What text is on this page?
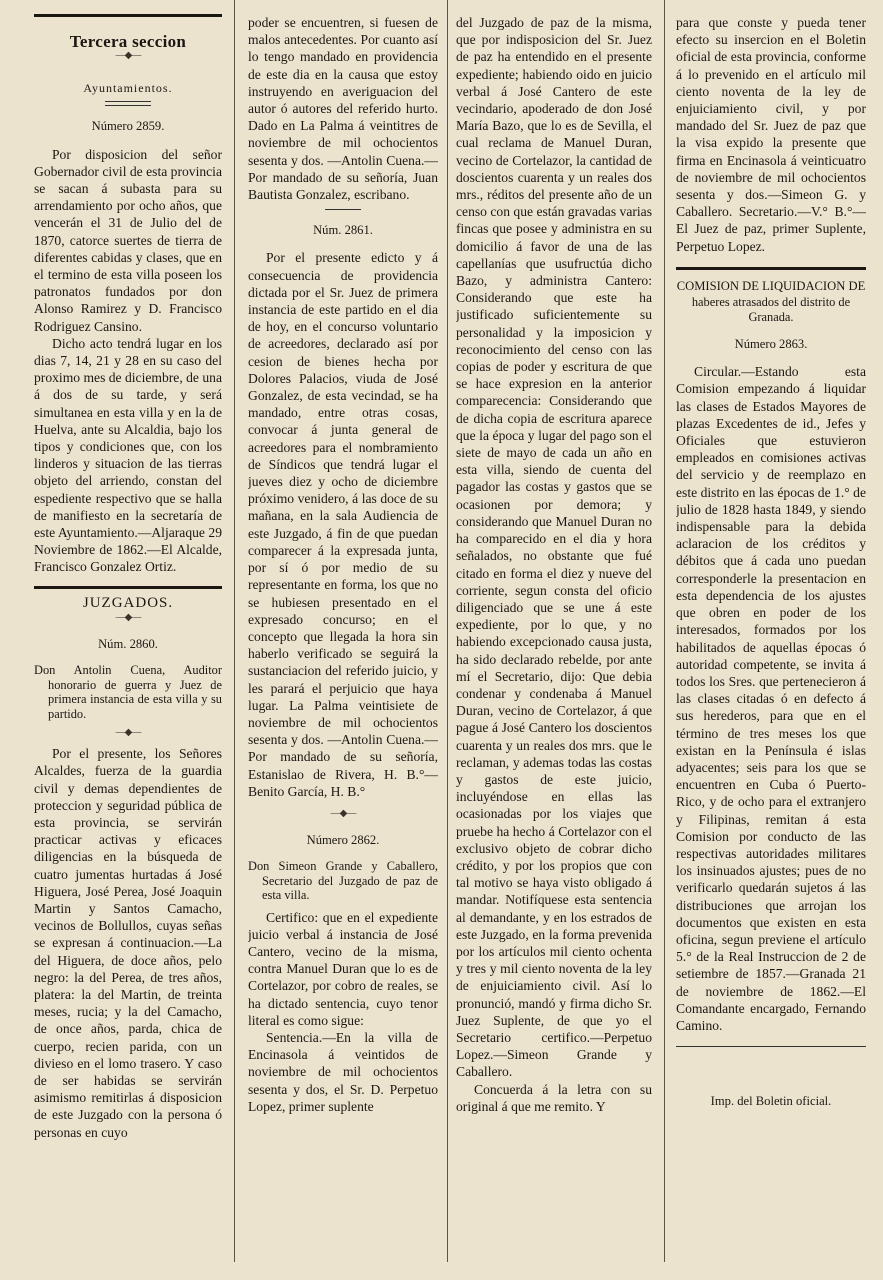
Tercera seccion
—◆—
Ayuntamientos.
Número 2859.

Por disposicion del señor Gobernador civil de esta provincia se sacan á subasta para su arrendamiento por ocho años, que vencerán el 31 de Julio del de 1870, catorce suertes de tierra de diferentes cabidas y clases, que en el termino de esta villa poseen los patronatos fundados por don Alonso Ramirez y D. Francisco Rodriguez Cansino.

Dicho acto tendrá lugar en los dias 7, 14, 21 y 28 en su caso del proximo mes de diciembre, de una á dos de su tarde, y será simultanea en esta villa y en la de Huelva, ante su Alcaldia, bajo los tipos y condiciones que, con los linderos y situacion de las tierras objeto del arriendo, constan del espediente respectivo que se halla de manifiesto en la secretaría de este Ayuntamiento.—Aljaraque 29 Noviembre de 1862.—El Alcalde, Francisco Gonzalez Ortiz.

JUZGADOS.
—◆—
Núm. 2860.

Don Antolin Cuena, Auditor honorario de guerra y Juez de primera instancia de esta villa y su partido.

—◆—

Por el presente, los Señores Alcaldes, fuerza de la guardia civil y demas dependientes de proteccion y seguridad pública de esta provincia, se servirán practicar activas y eficaces diligencias en la búsqueda de cuatro jumentas hurtadas á José Higuera, José Perea, José Joaquin Martin y Santos Camacho, vecinos de Bollullos, cuyas señas se expresan á continuacion.—La del Higuera, de doce años, pelo negro: la del Perea, de tres años, platera: la del Martin, de treinta meses, rucia; y la del Camacho, de once años, parda, chica de cuerpo, recien parida, con un divieso en el lomo trasero. Y caso de ser habidas se servirán asimismo remitirlas á disposicion de este Juzgado con la persona ó personas en cuyo

poder se encuentren, si fuesen de malos antecedentes. Por cuanto así lo tengo mandado en providencia de este dia en la causa que estoy instruyendo en averiguacion del autor ó autores del referido hurto. Dado en La Palma á veintitres de noviembre de mil ochocientos sesenta y dos. —Antolin Cuena.—Por mandado de su señoría, Juan Bautista Gonzalez, escribano.

Núm. 2861.

Por el presente edicto y á consecuencia de providencia dictada por el Sr. Juez de primera instancia de este partido en el dia de hoy, en el concurso voluntario de acreedores, declarado así por cesion de bienes hecha por Dolores Palacios, viuda de José Gonzalez, de esta vecindad, se ha mandado, entre otras cosas, convocar á junta general de acreedores para el nombramiento de Síndicos que tendrá lugar el jueves diez y ocho de diciembre próximo venidero, á las doce de su mañana, en la sala Audiencia de este Juzgado, á fin de que puedan comparecer á la expresada junta, por sí ó por medio de su representante en forma, los que no se hubiesen presentado en el expresado concurso; en el concepto que llegada la hora sin haberlo verificado se seguirá la sustanciacion del referido juicio, y les parará el perjuicio que haya lugar. La Palma veintisiete de noviembre de mil ochocientos sesenta y dos. —Antolin Cuena.—Por mandado de su señoría, Estanislao de Rivera, H. B.°—Benito García, H. B.°

—◆—
Número 2862.

Don Simeon Grande y Caballero, Secretario del Juzgado de paz de esta villa.

Certifico: que en el expediente juicio verbal á instancia de José Cantero, vecino de la misma, contra Manuel Duran que lo es de Cortelazor, por cobro de reales, se ha dictado sentencia, cuyo tenor literal es como sigue:

Sentencia.—En la villa de Encinasola á veintidos de noviembre de mil ochocientos sesenta y dos, el Sr. D. Perpetuo Lopez, primer suplente

del Juzgado de paz de la misma, que por indisposicion del Sr. Juez de paz ha entendido en el presente expediente; habiendo oido en juicio verbal á José Cantero de este vecindario, apoderado de don José María Bazo, que lo es de Sevilla, el cual reclama de Manuel Duran, vecino de Cortelazor, la cantidad de doscientos cuarenta y un reales dos mrs., réditos del presente año de un censo con que están gravadas varias fincas que posee y administra en su domicilio á favor de una de las capellanías que usufructúa dicho Bazo, y administra Cantero: Considerando que este ha justificado suficientemente su personalidad y la imposicion y reconocimiento del censo con las copias de poder y escritura de que se hace expresion en la anterior comparecencia: Considerando que de dicha copia de escritura aparece que la época y lugar del pago son el siete de mayo de cada un año en esta villa, siendo de cuenta del pagador las costas y gastos que se ocasionen por demora; y considerando que Manuel Duran no ha comparecido en el dia y hora señalados, no obstante que fué citado en forma el diez y nueve del corriente, segun consta del oficio diligenciado que se une á este expediente, por lo que, y no habiendo excepcionado causa justa, ha sido declarado rebelde, por ante mí el Secretario, dijo: Que debia condenar y condenaba á Manuel Duran, vecino de Cortelazor, á que pague á José Cantero los doscientos cuarenta y un reales dos mrs. que le reclaman, y ademas todas las costas y gastos de este juicio, incluyéndose en ellas las ocasionadas por los viajes que pruebe ha hecho á Cortelazor con el exclusivo objeto de cobrar dicho crédito, y por los propios que con tal motivo se haya visto obligado á mandar. Notifíquese esta sentencia al demandante, y en los estrados de este Juzgado, en la forma prevenida por los artículos mil ciento ochenta y tres y mil ciento noventa de la ley de enjuiciamiento civil. Así lo pronunció, mandó y firma dicho Sr. Juez Suplente, de que yo el Secretario certifico.—Perpetuo Lopez.—Simeon Grande y Caballero.

Concuerda á la letra con su original á que me remito. Y

para que conste y pueda tener efecto su insercion en el Boletin oficial de esta provincia, conforme á lo prevenido en el artículo mil ciento noventa de la ley de enjuiciamiento civil, y por mandado del Sr. Juez de paz que la visa expido la presente que firma en Encinasola á veinticuatro de noviembre de mil ochocientos sesenta y dos.—Simeon G. y Caballero. Secretario.—V.° B.°—El Juez de paz, primer Suplente, Perpetuo Lopez.

COMISION DE LIQUIDACION DE
haberes atrasados del distrito de Granada.
Número 2863.

Circular.—Estando esta Comision empezando á liquidar las clases de Estados Mayores de plazas Excedentes de id., Jefes y Oficiales que estuvieron empleados en comisiones activas del servicio y de reemplazo en este distrito en las épocas de 1.° de julio de 1828 hasta 1849, y siendo indispensable para la debida aclaracion de los créditos y débitos que á cada uno puedan corresponderle la presentacion en esta dependencia de los ajustes que obren en poder de los interesados, formados por los habilitados de aquellas épocas ó autoridad competente, se invita á todos los Sres. que pertenecieron á las clases citadas ó en defecto á sus herederos, para que en el término de tres meses los que existan en la Península é islas adyacentes; seis para los que se encuentren en Cuba ó Puerto-Rico, y de ocho para el extranjero y Filipinas, remitan á esta Comision por conducto de las respectivas autoridades militares los insinuados ajustes; pues de no verificarlo quedarán sujetos á las distribuciones que arrojan los documentos que existen en esta oficina, segun previene el artículo 5.° de la Real Instruccion de 2 de setiembre de 1857.—Granada 21 de noviembre de 1862.—El Comandante encargado, Fernando Camino.

Imp. del Boletin oficial.
